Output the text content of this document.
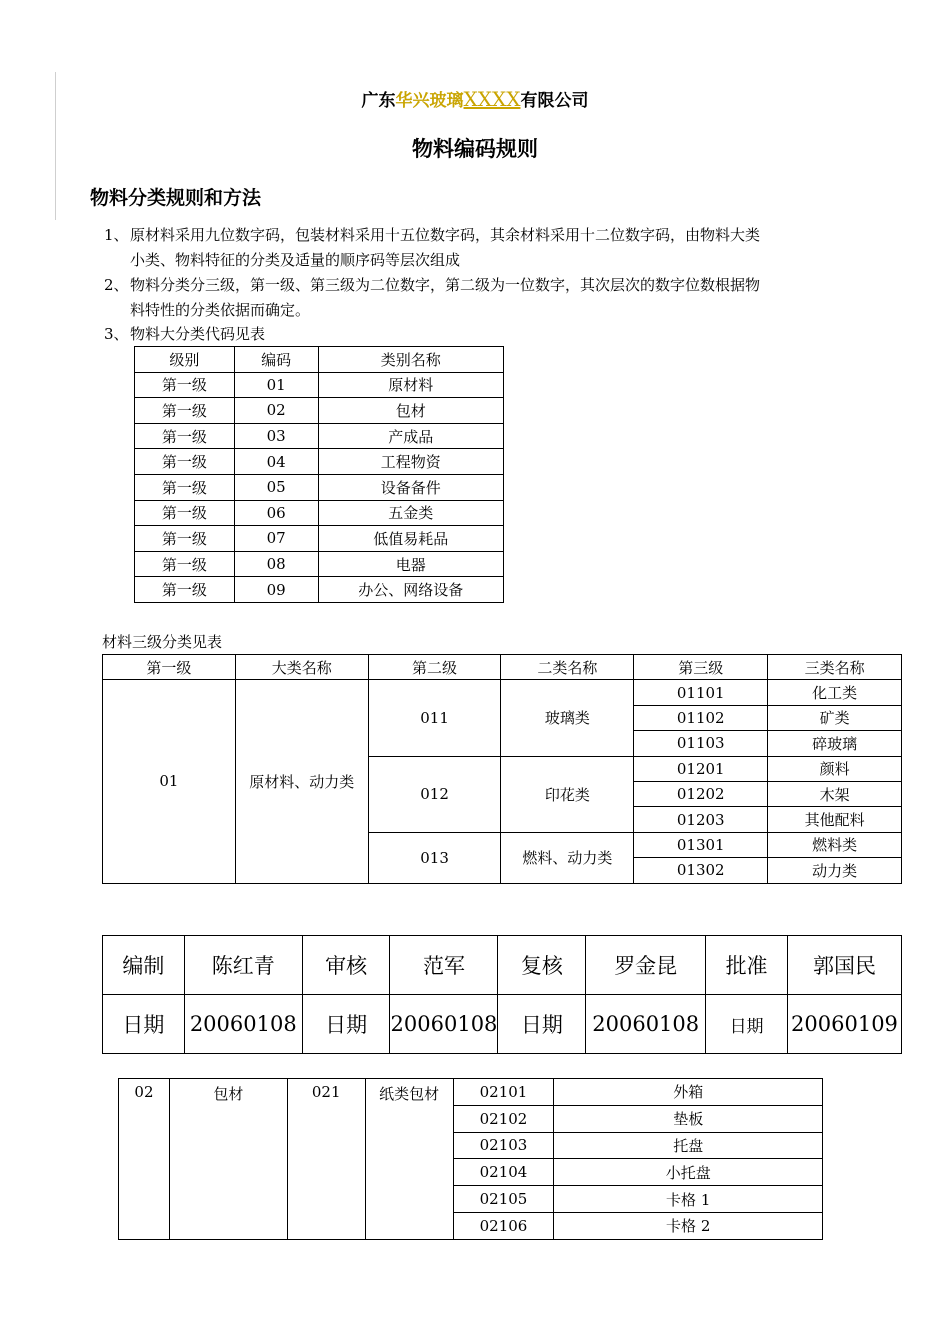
广东华兴玻璃XXXX有限公司
物料编码规则
物料分类规则和方法
1、原材料采用九位数字码，包装材料采用十五位数字码，其余材料采用十二位数字码，由物料大类
小类、物料特征的分类及适量的顺序码等层次组成
2、物料分类分三级，第一级、第三级为二位数字，第二级为一位数字，其次层次的数字位数根据物
料特性的分类依据而确定。
3、物料大分类代码见表
级别	编码	类别名称
第一级	01	原材料
第一级	02	包材
第一级	03	产成品
第一级	04	工程物资
第一级	05	设备备件
第一级	06	五金类
第一级	07	低值易耗品
第一级	08	电器
第一级	09	办公、网络设备
材料三级分类见表
第一级	大类名称	第二级	二类名称	第三级	三类名称
01	原材料、动力类	011	玻璃类	01101	化工类
				01102	矿类
				01103	碎玻璃
		012	印花类	01201	颜料
				01202	木架
				01203	其他配料
		013	燃料、动力类	01301	燃料类
				01302	动力类
编制	陈红青	审核	范军	复核	罗金昆	批准	郭国民
日期	20060108	日期	20060108	日期	20060108	日期	20060109
02	包材	021	纸类包材	02101	外箱
				02102	垫板
				02103	托盘
				02104	小托盘
				02105	卡格 1
				02106	卡格 2
